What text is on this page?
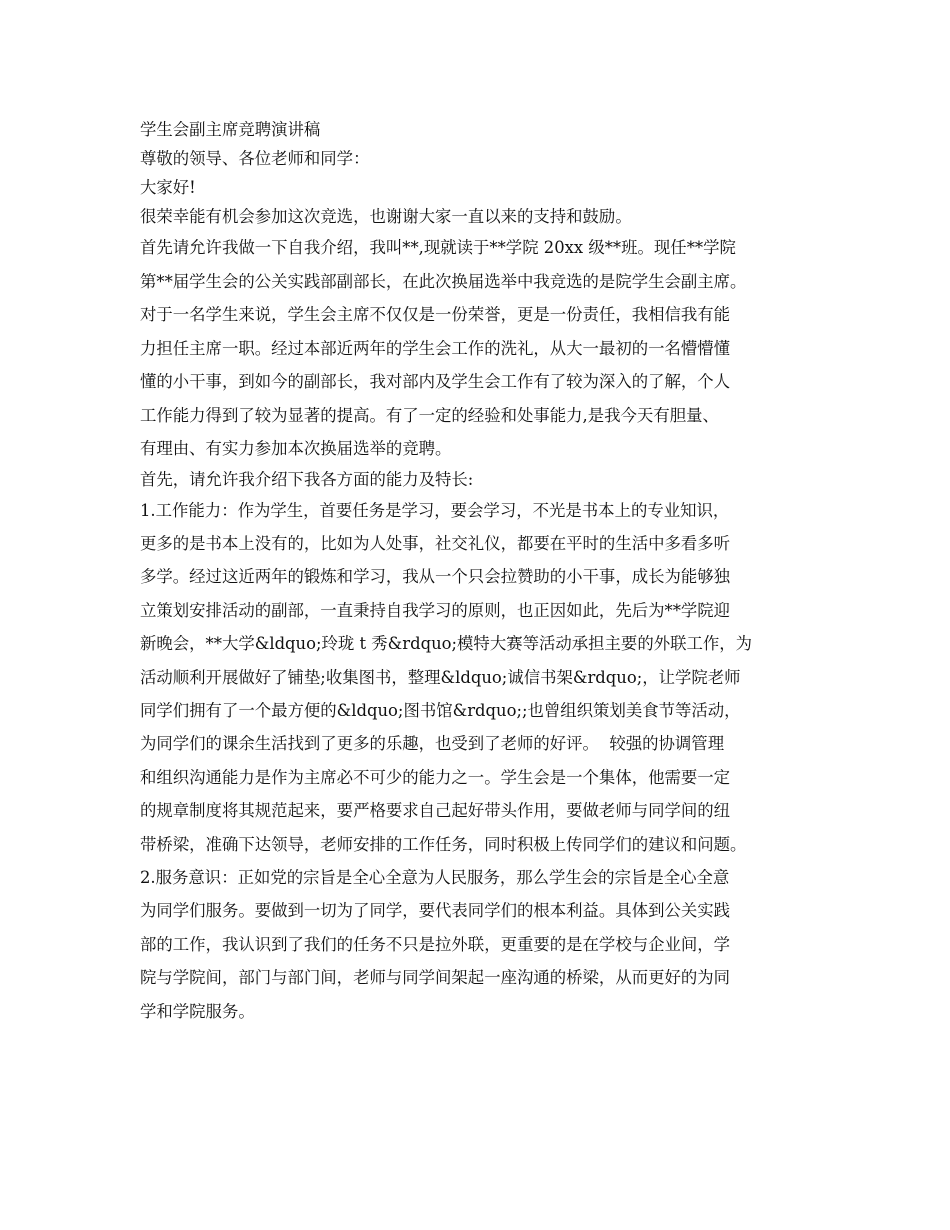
学生会副主席竞聘演讲稿
尊敬的领导、各位老师和同学：
大家好!
很荣幸能有机会参加这次竞选，也谢谢大家一直以来的支持和鼓励。
首先请允许我做一下自我介绍，我叫**,现就读于**学院 20xx 级**班。现任**学院
第**届学生会的公关实践部副部长，在此次换届选举中我竞选的是院学生会副主席。
对于一名学生来说，学生会主席不仅仅是一份荣誉，更是一份责任，我相信我有能
力担任主席一职。经过本部近两年的学生会工作的洗礼，从大一最初的一名懵懵懂
懂的小干事，到如今的副部长，我对部内及学生会工作有了较为深入的了解，个人
工作能力得到了较为显著的提高。有了一定的经验和处事能力,是我今天有胆量、
有理由、有实力参加本次换届选举的竞聘。
首先，请允许我介绍下我各方面的能力及特长:
1.工作能力：作为学生，首要任务是学习，要会学习，不光是书本上的专业知识，
更多的是书本上没有的，比如为人处事，社交礼仪，都要在平时的生活中多看多听
多学。经过这近两年的锻炼和学习，我从一个只会拉赞助的小干事，成长为能够独
立策划安排活动的副部，一直秉持自我学习的原则，也正因如此，先后为**学院迎
新晚会，**大学&ldquo;玲珑 t 秀&rdquo;模特大赛等活动承担主要的外联工作，为
活动顺利开展做好了铺垫;收集图书，整理&ldquo;诚信书架&rdquo;，让学院老师
同学们拥有了一个最方便的&ldquo;图书馆&rdquo;;也曾组织策划美食节等活动，
为同学们的课余生活找到了更多的乐趣，也受到了老师的好评。  较强的协调管理
和组织沟通能力是作为主席必不可少的能力之一。学生会是一个集体，他需要一定
的规章制度将其规范起来，要严格要求自己起好带头作用，要做老师与同学间的纽
带桥梁，准确下达领导，老师安排的工作任务，同时积极上传同学们的建议和问题。
2.服务意识：正如党的宗旨是全心全意为人民服务，那么学生会的宗旨是全心全意
为同学们服务。要做到一切为了同学，要代表同学们的根本利益。具体到公关实践
部的工作，我认识到了我们的任务不只是拉外联，更重要的是在学校与企业间，学
院与学院间，部门与部门间，老师与同学间架起一座沟通的桥梁，从而更好的为同
学和学院服务。
